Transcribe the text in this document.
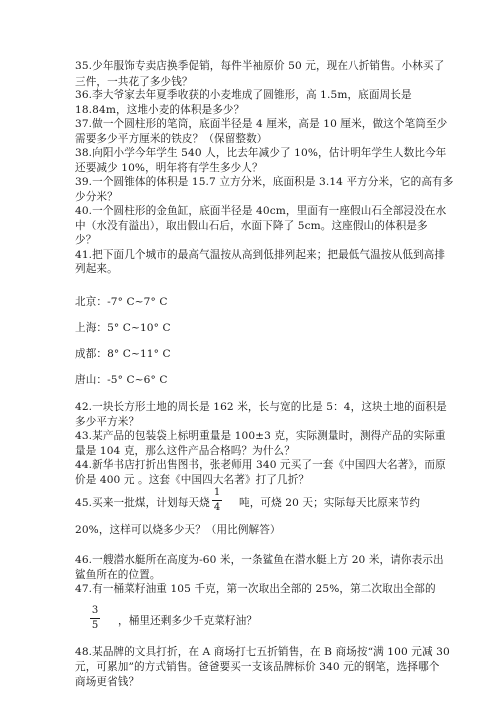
35.少年服饰专卖店换季促销，每件半袖原价 50 元，现在八折销售。小林买了
三件，一共花了多少钱？
36.李大爷家去年夏季收获的小麦堆成了圆锥形，高 1.5m，底面周长是
18.84m，这堆小麦的体积是多少？
37.做一个圆柱形的笔筒，底面半径是 4 厘米，高是 10 厘米，做这个笔筒至少
需要多少平方厘米的铁皮？（保留整数）
38.向阳小学今年学生 540 人，比去年减少了 10%，估计明年学生人数比今年
还要减少 10%，明年将有学生多少人？
39.一个圆锥体的体积是 15.7 立方分米，底面积是 3.14 平方分米，它的高有多
少分米？
40.一个圆柱形的金鱼缸，底面半径是 40cm，里面有一座假山石全部浸没在水
中（水没有溢出），取出假山石后，水面下降了 5cm。这座假山的体积是多
少？
41.把下面几个城市的最高气温按从高到低排列起来；把最低气温按从低到高排
列起来。
北京：-7° C~7° C
上海：5° C~10° C
成都：8° C~11° C
唐山：-5° C~6° C
42.一块长方形土地的周长是 162 米，长与宽的比是 5：4，这块土地的面积是
多少平方米？
43.某产品的包装袋上标明重量是 100±3 克，实际测量时，测得产品的实际重
量是 104 克，那么这件产品合格吗？为什么？
44.新华书店打折出售图书，张老师用 340 元买了一套《中国四大名著》，而原
价是 400 元 。这套《中国四大名著》打了几折？
45.买来一批煤，计划每天烧
1
4	吨，可烧 20 天；实际每天比原来节约
20%，这样可以烧多少天？（用比例解答）
46.一艘潜水艇所在高度为-60 米，一条鲨鱼在潜水艇上方 20 米，请你表示出
鲨鱼所在的位置。
47.有一桶菜籽油重 105 千克，第一次取出全部的 25%，第二次取出全部的
3
5	，桶里还剩多少千克菜籽油？
48.某品牌的文具打折，在 A 商场打七五折销售，在 B 商场按“满 100 元减 30
元，可累加”的方式销售。爸爸要买一支该品牌标价 340 元的钢笔，选择哪个
商场更省钱？
